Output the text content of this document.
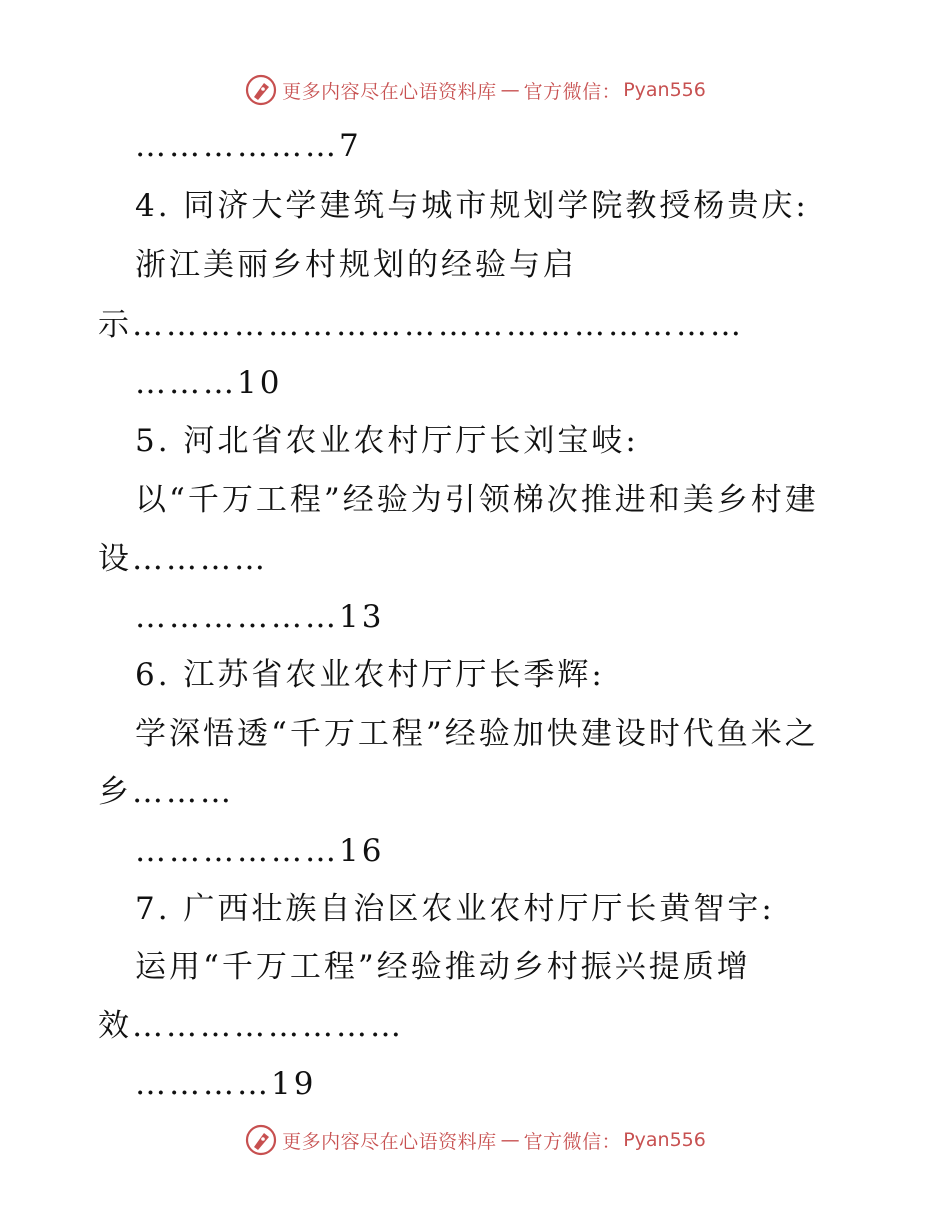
更多内容尽在心语资料库 — 官方微信： Pyan556
………………7
4. 同济大学建筑与城市规划学院教授杨贵庆:
浙江美丽乡村规划的经验与启
示………………………………………………
………10
5. 河北省农业农村厅厅长刘宝岐:
以“千万工程”经验为引领梯次推进和美乡村建
设…………
………………13
6. 江苏省农业农村厅厅长季辉:
学深悟透“千万工程”经验加快建设时代鱼米之
乡………
………………16
7. 广西壮族自治区农业农村厅厅长黄智宇:
运用“千万工程”经验推动乡村振兴提质增
效……………………
…………19
更多内容尽在心语资料库 — 官方微信： Pyan556
